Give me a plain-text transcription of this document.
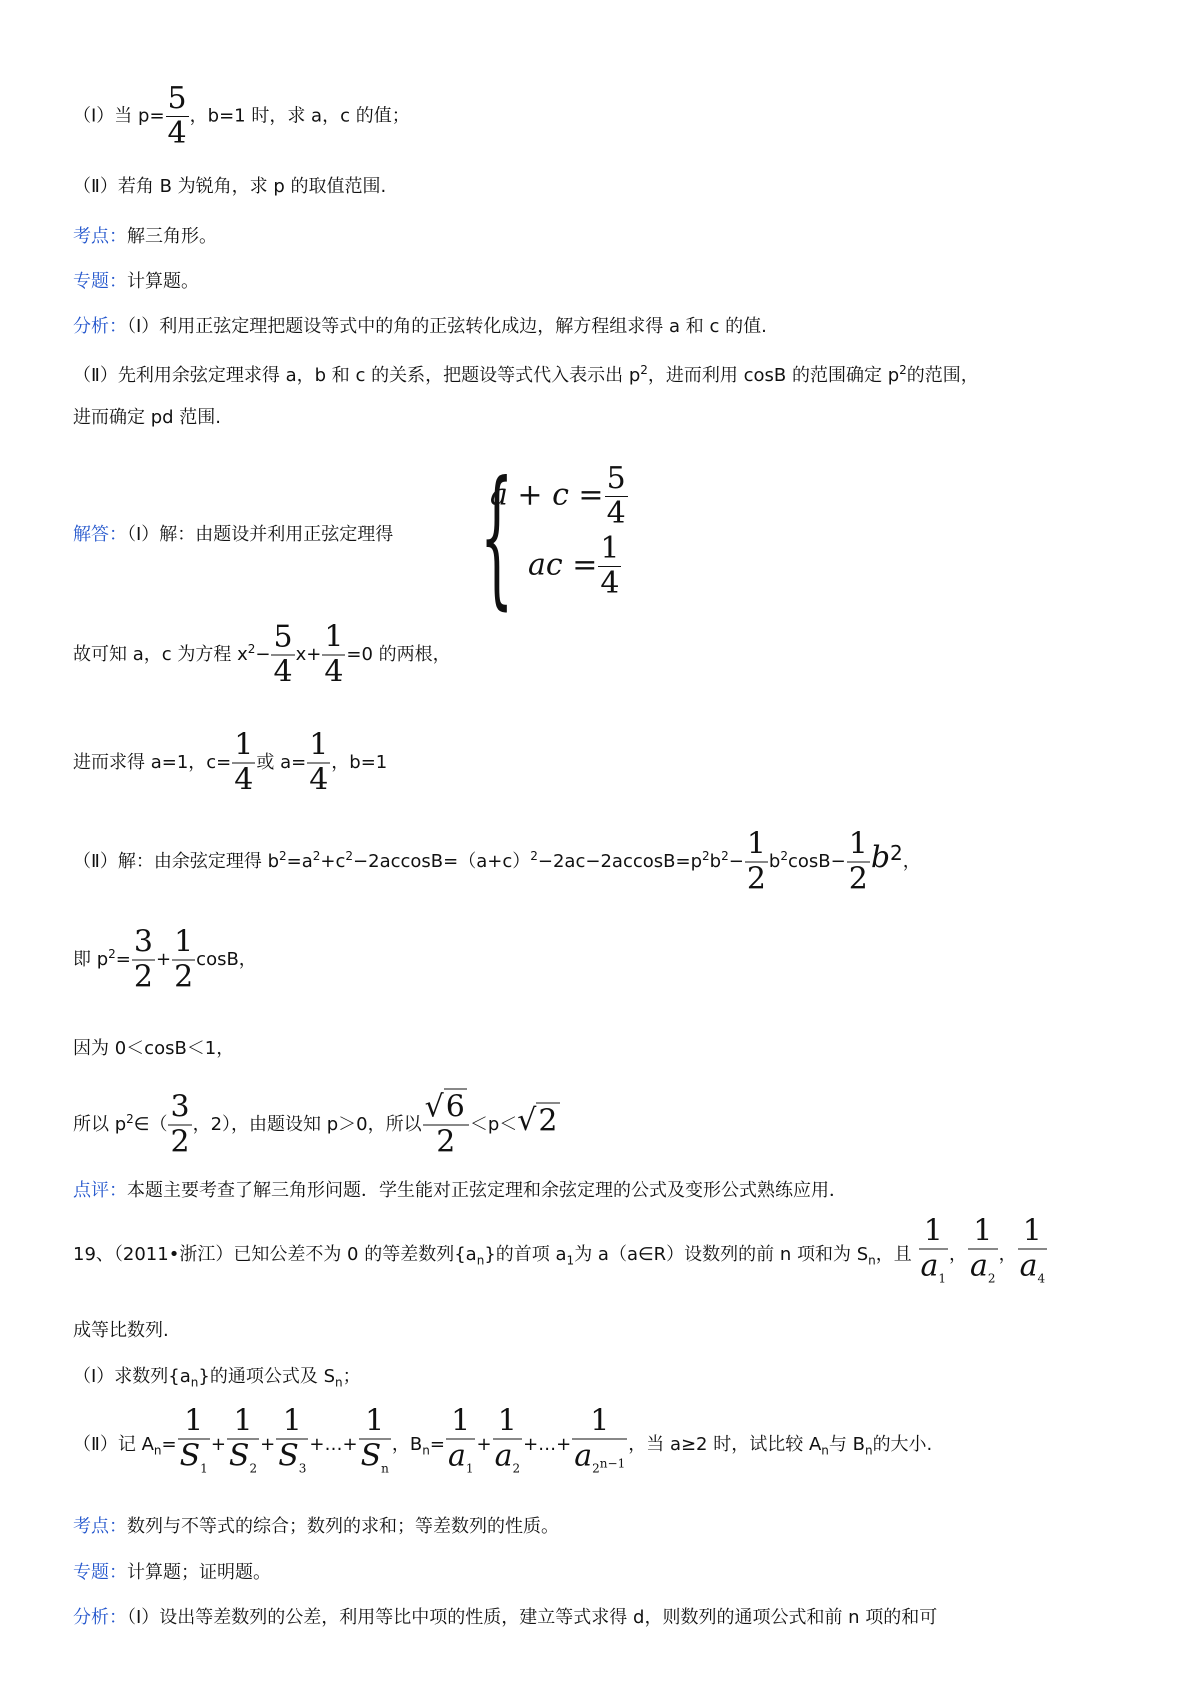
（Ⅰ）当 $p= \frac{5}{4}$ ，b=1 时，求 a，c 的值；
（Ⅱ）若角 B 为锐角，求 p 的取值范围.
考点：解三角形。
专题：计算题。
分析：（Ⅰ）利用正弦定理把题设等式中的角的正弦转化成边，解方程组求得 a 和 c 的值.
（Ⅱ）先利用余弦定理求得 a，b 和 c 的关系，把题设等式代入表示出 $p^2$，进而利用 cosB 的范围确定 $p^2$的范围，
进而确定 pd 范围.
解答：（Ⅰ）解：由题设并利用正弦定理得 {
$a + c = \frac{5}{4}$
ac = $\frac{1}{4}$
故可知 a，c 为方程 $x^2- \frac{5}{4} x+ \frac{1}{4} =0$ 的两根，
进而求得 a=1，$c= \frac{1}{4}$ 或 $a= \frac{1}{4}$ ，b=1
（Ⅱ）解：由余弦定理得 $b^2=a^2+c^2-2accosB=(a+c)^2-2ac-2accosB=p^2b^2- \frac{1}{2} b^2\cos B- \frac{1}{2} b^2$，
即 $p^2= \frac{3}{2} + \frac{1}{2}$ cosB，
因为 0＜cosB＜1，
所以 $p^2\in( \frac{3}{2}$ ，2），由题设知 p＞0，所以 $\frac{√6}{2} <p<√2$
点评：本题主要考查了解三角形问题．学生能对正弦定理和余弦定理的公式及变形公式熟练应用．
19、（2011•浙江）已知公差不为 0 的等差数列$\{a_n\}$的首项 $a_1$为 a（a∈R）设数列的前 n 项和为 $S_n$，且 $\frac{1}{a_1}$ ， $\frac{1}{a_2}$ ， $\frac{1}{a_4}$
成等比数列.
（Ⅰ）求数列$\{a_n\}$的通项公式及 $S_n$；
（Ⅱ）记 $A_n= \frac{1}{S_1} + \frac{1}{S_2} + \frac{1}{S_3}$ +…+ $\frac{1}{S_n}$ ，$B_n= \frac{1}{a_1} + \frac{1}{a_2}$ +…+ $\frac{1}{a_{2^{n-1}}}$ ，当 a≥2 时，试比较 $A_n$与 $B_n$的大小.
考点：数列与不等式的综合；数列的求和；等差数列的性质。
专题：计算题；证明题。
分析：（Ⅰ）设出等差数列的公差，利用等比中项的性质，建立等式求得 d，则数列的通项公式和前 n 项的和可
